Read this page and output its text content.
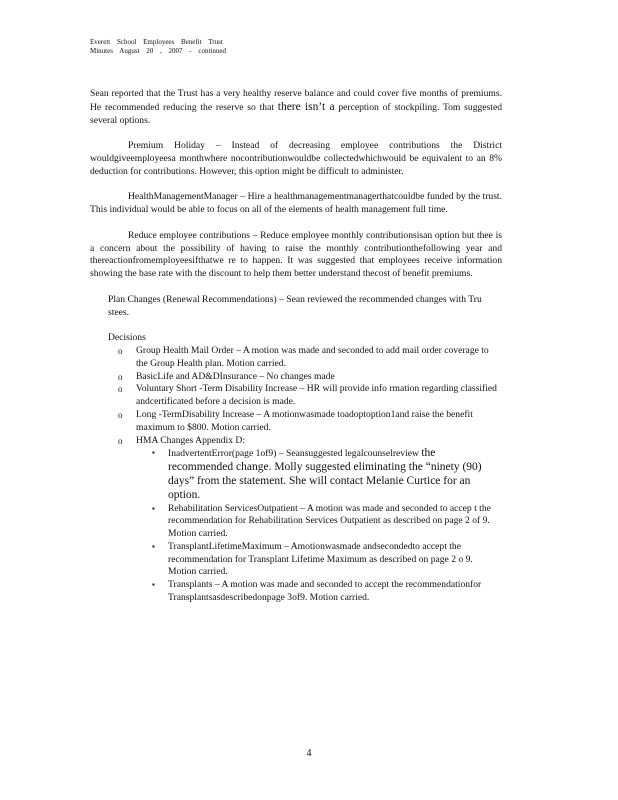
Everett School Employees Benefit Trust
Minutes August 20 , 2007 - continued

Sean reported that the Trust has a very healthy reserve balance and could cover five months of premiums. He recommended reducing the reserve so that there isn’t a perception of stockpiling. Tom suggested several options.

Premium Holiday – Instead of decreasing employee contributions the District wouldgiveemployeesa monthwhere nocontributionwouldbe collectedwhichwould be equivalent to an 8% deduction for contributions. However, this option might be difficult to administer.

HealthManagementManager – Hire a healthmanagementmanagerthatcouldbe funded by the trust. This individual would be able to focus on all of the elements of health management full time.

Reduce employee contributions – Reduce employee monthly contributionsisan option but thee is a concern about the possibility of having to raise the monthly contributionthefollowing year and thereactionfromemployeesifthatwe re to happen. It was suggested that employees receive information showing the base rate with the discount to help them better understand thecost of benefit premiums.

Plan Changes (Renewal Recommendations) – Sean reviewed the recommended changes with Tru stees.
Decisions
o	Group Health Mail Order – A motion was made and seconded to add mail order coverage to the Group Health plan. Motion carried.
o	BasicLife and AD&DInsurance – No changes made
o	Voluntary Short -Term Disability Increase – HR will provide info rmation regarding classified andcertificated before a decision is made.
o	Long -TermDisability Increase – A motionwasmade toadoptoption1and raise the benefit maximum to $800. Motion carried.
o	HMA Changes Appendix D:
▪	InadvertentError(page 1of9) – Seansuggested legalcounselreview the recommended change. Molly suggested eliminating the “ninety (90) days” from the statement. She will contact Melanie Curtice for an option.
▪	Rehabilitation ServicesOutpatient – A motion was made and seconded to accep t the recommendation for Rehabilitation Services Outpatient as described on page 2 of 9. Motion carried.
▪	TransplantLifetimeMaximum – Amotionwasmade andsecondedto accept the recommendation for Transplant Lifetime Maximum as described on page 2 o 9. Motion carried.
▪	Transplants – A motion was made and seconded to accept the recommendationfor Transplantsasdescribedonpage 3of9. Motion carried.
4
